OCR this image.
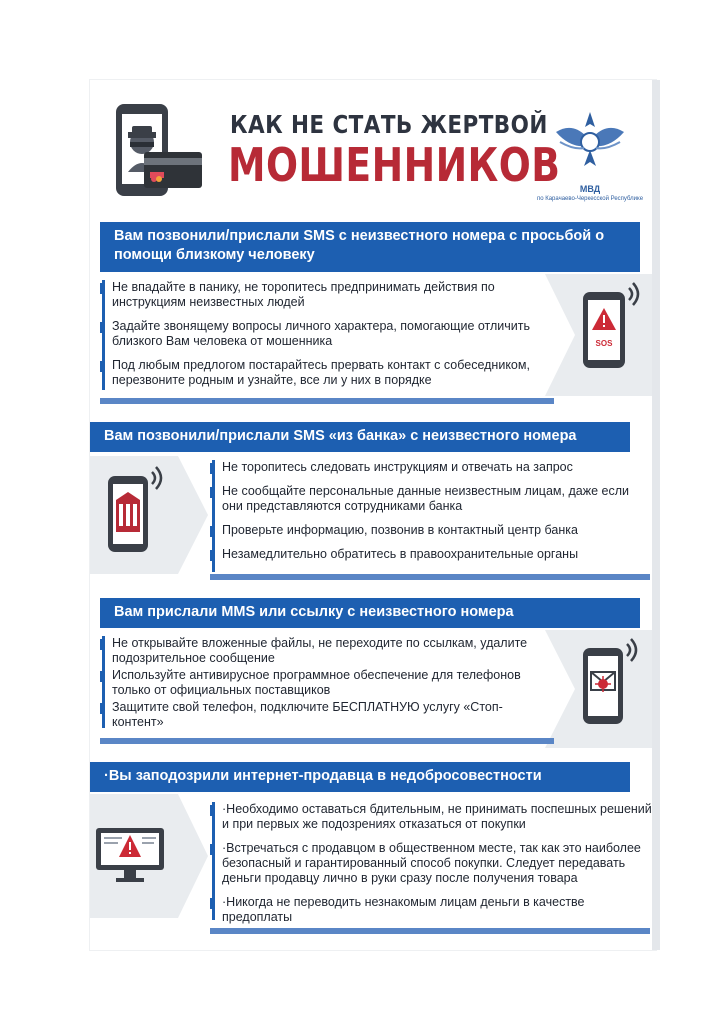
КАК НЕ СТАТЬ ЖЕРТВОЙ
МОШЕННИКОВ	МВД
по Карачаево-Черкесской Республике
Вам позвонили/прислали SMS с неизвестного номера с просьбой о помощи близкому человеку
Не впадайте в панику, не торопитесь предпринимать действия по инструкциям неизвестных людей
Задайте звонящему вопросы личного характера, помогающие отличить близкого Вам человека от мошенника
Под любым предлогом постарайтесь прервать контакт с собеседником, перезвоните родным и узнайте, все ли у них в порядке
SOS
Вам позвонили/прислали SMS «из банка» с неизвестного номера
Не торопитесь следовать инструкциям и отвечать на запрос
Не сообщайте персональные данные неизвестным лицам, даже если они представляются сотрудниками банка
Проверьте информацию, позвонив в контактный центр банка
Незамедлительно обратитесь в правоохранительные органы
Вам прислали MMS или ссылку с неизвестного номера
Не открывайте вложенные файлы, не переходите по ссылкам, удалите подозрительное сообщение
Используйте антивирусное программное обеспечение для телефонов только от официальных поставщиков
Защитите свой телефон, подключите БЕСПЛАТНУЮ услугу «Стоп-контент»
·Вы заподозрили интернет-продавца в недобросовестности
·Необходимо оставаться бдительным, не принимать поспешных решений и при первых же подозрениях отказаться от покупки
·Встречаться с продавцом в общественном месте, так как это наиболее безопасный и гарантированный способ покупки. Следует передавать деньги продавцу лично в руки сразу после получения товара
·Никогда не переводить незнакомым лицам деньги в качестве предоплаты
